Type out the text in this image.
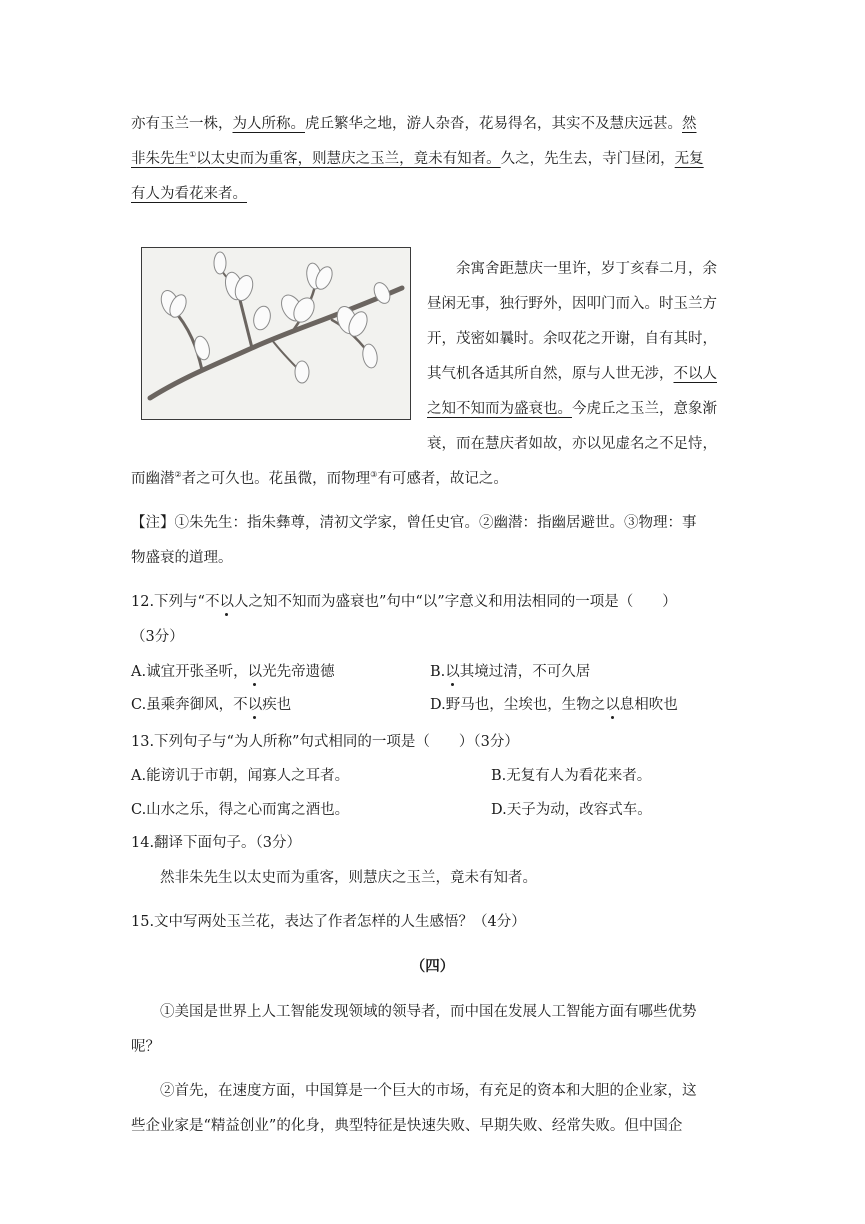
亦有玉兰一株，为人所称。虎丘繁华之地，游人杂沓，花易得名，其实不及慧庆远甚。然
非朱先生①以太史而为重客，则慧庆之玉兰，竟未有知者。久之，先生去，寺门昼闭，无复
有人为看花来者。
余寓舍距慧庆一里许，岁丁亥春二月，余
昼闲无事，独行野外，因叩门而入。时玉兰方
开，茂密如曩时。余叹花之开谢，自有其时，
其气机各适其所自然，原与人世无涉，不以人
之知不知而为盛衰也。今虎丘之玉兰，意象渐
衰，而在慧庆者如故，亦以见虚名之不足恃，
而幽潜②者之可久也。花虽微，而物理③有可感者，故记之。
【注】①朱先生：指朱彝尊，清初文学家，曾任史官。②幽潜：指幽居避世。③物理：事
物盛衰的道理。
12.下列与“不以人之知不知而为盛衰也”句中“以”字意义和用法相同的一项是（　　）
（3分）
A.诚宜开张圣听，以光先帝遗德	B.以其境过清，不可久居
C.虽乘奔御风，不以疾也	D.野马也，尘埃也，生物之以息相吹也
13.下列句子与“为人所称”句式相同的一项是（　　）（3分）
A.能谤讥于市朝，闻寡人之耳者。	B.无复有人为看花来者。
C.山水之乐，得之心而寓之酒也。	D.天子为动，改容式车。
14.翻译下面句子。（3分）
然非朱先生以太史而为重客，则慧庆之玉兰，竟未有知者。
15.文中写两处玉兰花，表达了作者怎样的人生感悟？（4分）
（四）
①美国是世界上人工智能发现领域的领导者，而中国在发展人工智能方面有哪些优势
呢？
②首先，在速度方面，中国算是一个巨大的市场，有充足的资本和大胆的企业家，这
些企业家是“精益创业”的化身，典型特征是快速失败、早期失败、经常失败。但中国企
